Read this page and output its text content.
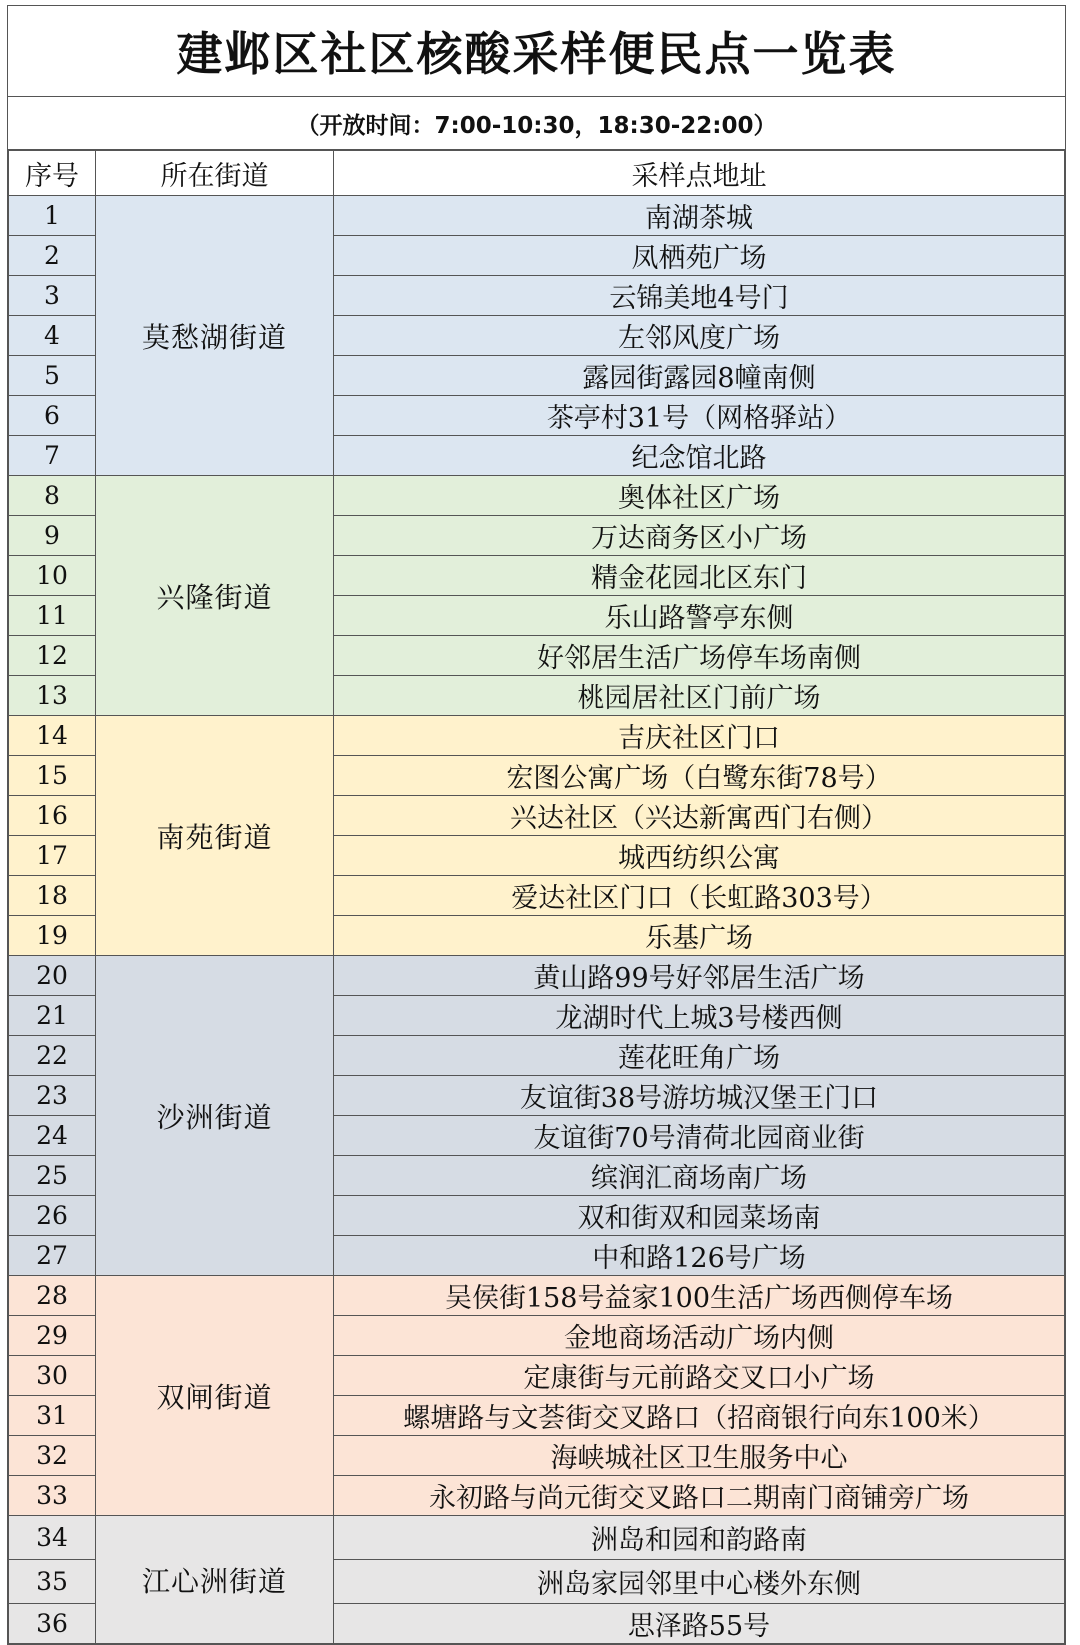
建邺区社区核酸采样便民点一览表
（开放时间：7:00-10:30，18:30-22:00）
序号	所在街道	采样点地址
1	莫愁湖街道	南湖茶城
2		凤栖苑广场
3		云锦美地4号门
4		左邻风度广场
5		露园街露园8幢南侧
6		茶亭村31号（网格驿站）
7		纪念馆北路
8	兴隆街道	奥体社区广场
9		万达商务区小广场
10		精金花园北区东门
11		乐山路警亭东侧
12		好邻居生活广场停车场南侧
13		桃园居社区门前广场
14	南苑街道	吉庆社区门口
15		宏图公寓广场（白鹭东街78号）
16		兴达社区（兴达新寓西门右侧）
17		城西纺织公寓
18		爱达社区门口（长虹路303号）
19		乐基广场
20	沙洲街道	黄山路99号好邻居生活广场
21		龙湖时代上城3号楼西侧
22		莲花旺角广场
23		友谊街38号游坊城汉堡王门口
24		友谊街70号清荷北园商业街
25		缤润汇商场南广场
26		双和街双和园菜场南
27		中和路126号广场
28	双闸街道	吴侯街158号益家100生活广场西侧停车场
29		金地商场活动广场内侧
30		定康街与元前路交叉口小广场
31		螺塘路与文荟街交叉路口（招商银行向东100米）
32		海峡城社区卫生服务中心
33		永初路与尚元街交叉路口二期南门商铺旁广场
34	江心洲街道	洲岛和园和韵路南
35		洲岛家园邻里中心楼外东侧
36		思泽路55号
